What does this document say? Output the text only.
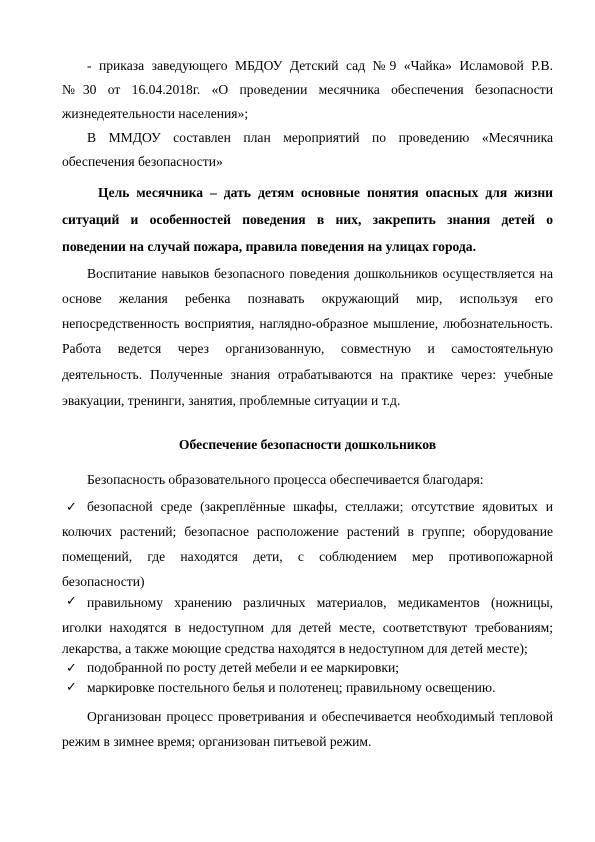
- приказа заведующего МБДОУ Детский сад №9 «Чайка» Исламовой Р.В.
№30 от 16.04.2018г. «О проведении месячника обеспечения безопасности
жизнедеятельности населения»;
В ММДОУ составлен план мероприятий по проведению «Месячника
обеспечения безопасности»
Цель месячника – дать детям основные понятия опасных для жизни
ситуаций и особенностей поведения в них, закрепить знания детей о
поведении на случай пожара, правила поведения на улицах города.
Воспитание навыков безопасного поведения дошкольников осуществляется на
основе желания ребенка познавать окружающий мир, используя его
непосредственность восприятия, наглядно-образное мышление, любознательность.
Работа ведется через организованную, совместную и самостоятельную
деятельность. Полученные знания отрабатываются на практике через: учебные
эвакуации, тренинги, занятия, проблемные ситуации и т.д.
Обеспечение безопасности дошкольников
Безопасность образовательного процесса обеспечивается благодаря:
✓ безопасной среде (закреплённые шкафы, стеллажи; отсутствие ядовитых и
колючих растений; безопасное расположение растений в группе; оборудование
помещений, где находятся дети, с соблюдением мер противопожарной
безопасности)
✓ правильному хранению различных материалов, медикаментов (ножницы,
иголки находятся в недоступном для детей месте, соответствуют требованиям;
лекарства, а также моющие средства находятся в недоступном для детей месте);
✓ подобранной по росту детей мебели и ее маркировки;
✓ маркировке постельного белья и полотенец; правильному освещению.
Организован процесс проветривания и обеспечивается необходимый тепловой
режим в зимнее время; организован питьевой режим.
